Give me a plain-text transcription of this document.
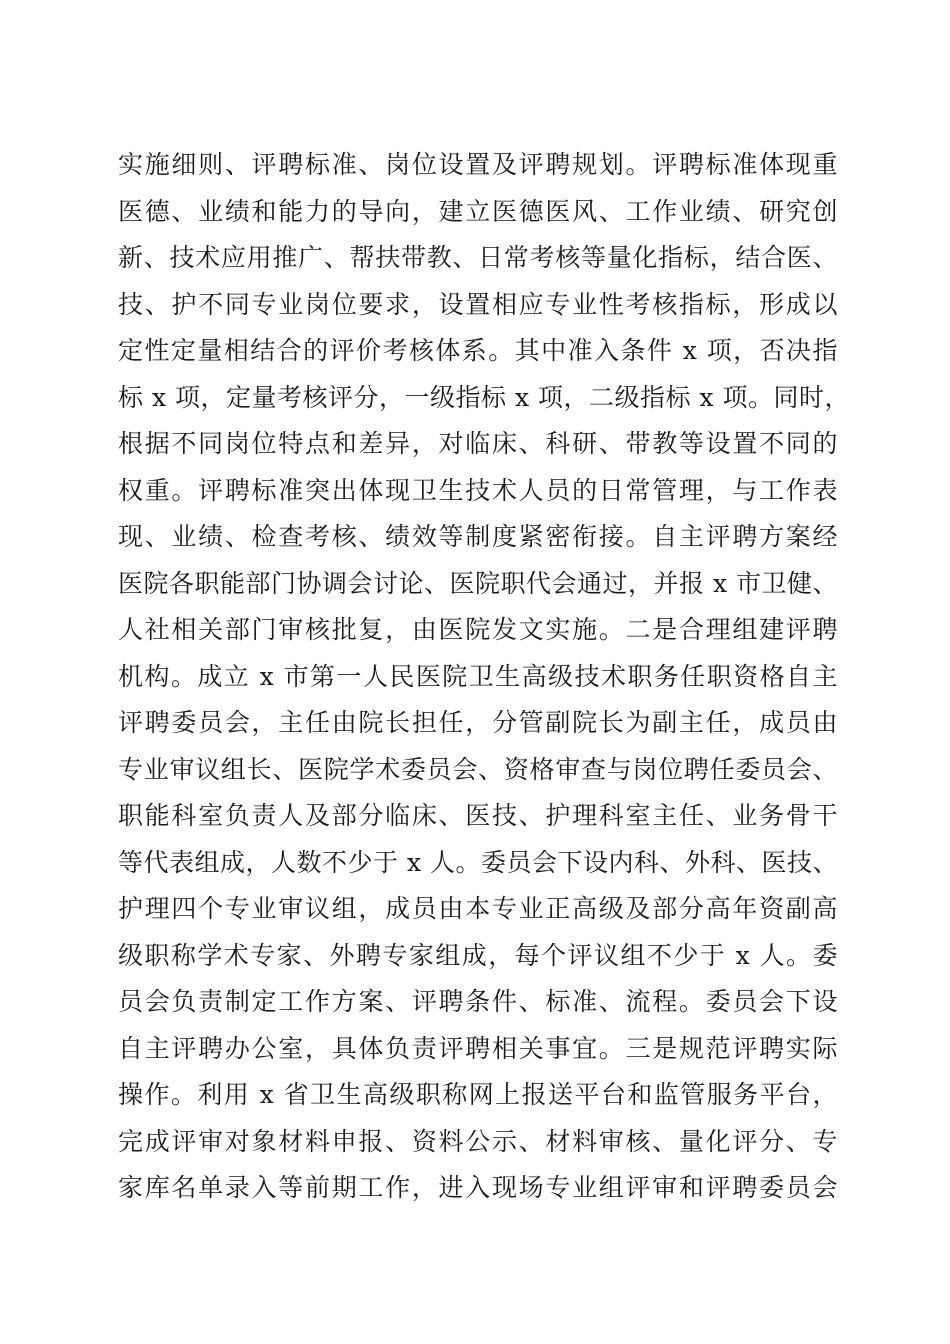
实施细则、评聘标准、岗位设置及评聘规划。评聘标准体现重
医德、业绩和能力的导向，建立医德医风、工作业绩、研究创
新、技术应用推广、帮扶带教、日常考核等量化指标，结合医、
技、护不同专业岗位要求，设置相应专业性考核指标，形成以
定性定量相结合的评价考核体系。其中准入条件 x 项，否决指
标 x 项，定量考核评分，一级指标 x 项，二级指标 x 项。同时，
根据不同岗位特点和差异，对临床、科研、带教等设置不同的
权重。评聘标准突出体现卫生技术人员的日常管理，与工作表
现、业绩、检查考核、绩效等制度紧密衔接。自主评聘方案经
医院各职能部门协调会讨论、医院职代会通过，并报 x 市卫健、
人社相关部门审核批复，由医院发文实施。二是合理组建评聘
机构。成立 x 市第一人民医院卫生高级技术职务任职资格自主
评聘委员会，主任由院长担任，分管副院长为副主任，成员由
专业审议组长、医院学术委员会、资格审查与岗位聘任委员会、
职能科室负责人及部分临床、医技、护理科室主任、业务骨干
等代表组成，人数不少于 x 人。委员会下设内科、外科、医技、
护理四个专业审议组，成员由本专业正高级及部分高年资副高
级职称学术专家、外聘专家组成，每个评议组不少于 x 人。委
员会负责制定工作方案、评聘条件、标准、流程。委员会下设
自主评聘办公室，具体负责评聘相关事宜。三是规范评聘实际
操作。利用 x 省卫生高级职称网上报送平台和监管服务平台，
完成评审对象材料申报、资料公示、材料审核、量化评分、专
家库名单录入等前期工作，进入现场专业组评审和评聘委员会
